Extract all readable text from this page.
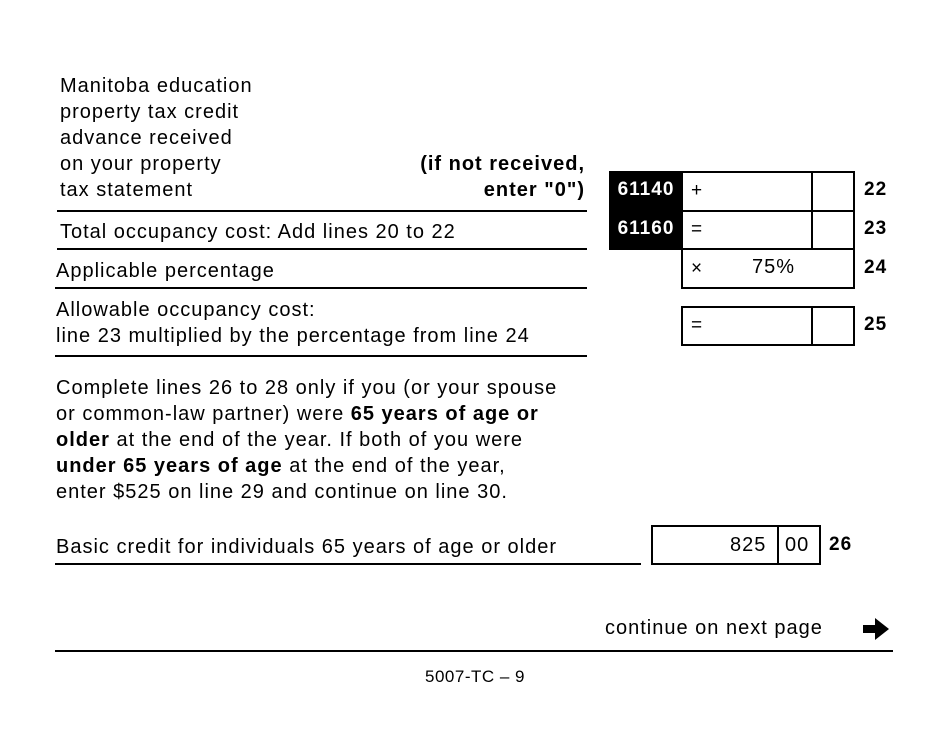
Manitoba education
property tax credit
advance received
on your property
tax statement
(if not received,
enter "0")	61140 +	22
Total occupancy cost: Add lines 20 to 22	61160 =	23
Applicable percentage	× 75%	24
Allowable occupancy cost:
line 23 multiplied by the percentage from line 24	=	25
Complete lines 26 to 28 only if you (or your spouse
or common-law partner) were 65 years of age or
older at the end of the year. If both of you were
under 65 years of age at the end of the year,
enter $525 on line 29 and continue on line 30.
Basic credit for individuals 65 years of age or older	825 00 26
continue on next page
5007-TC – 9
